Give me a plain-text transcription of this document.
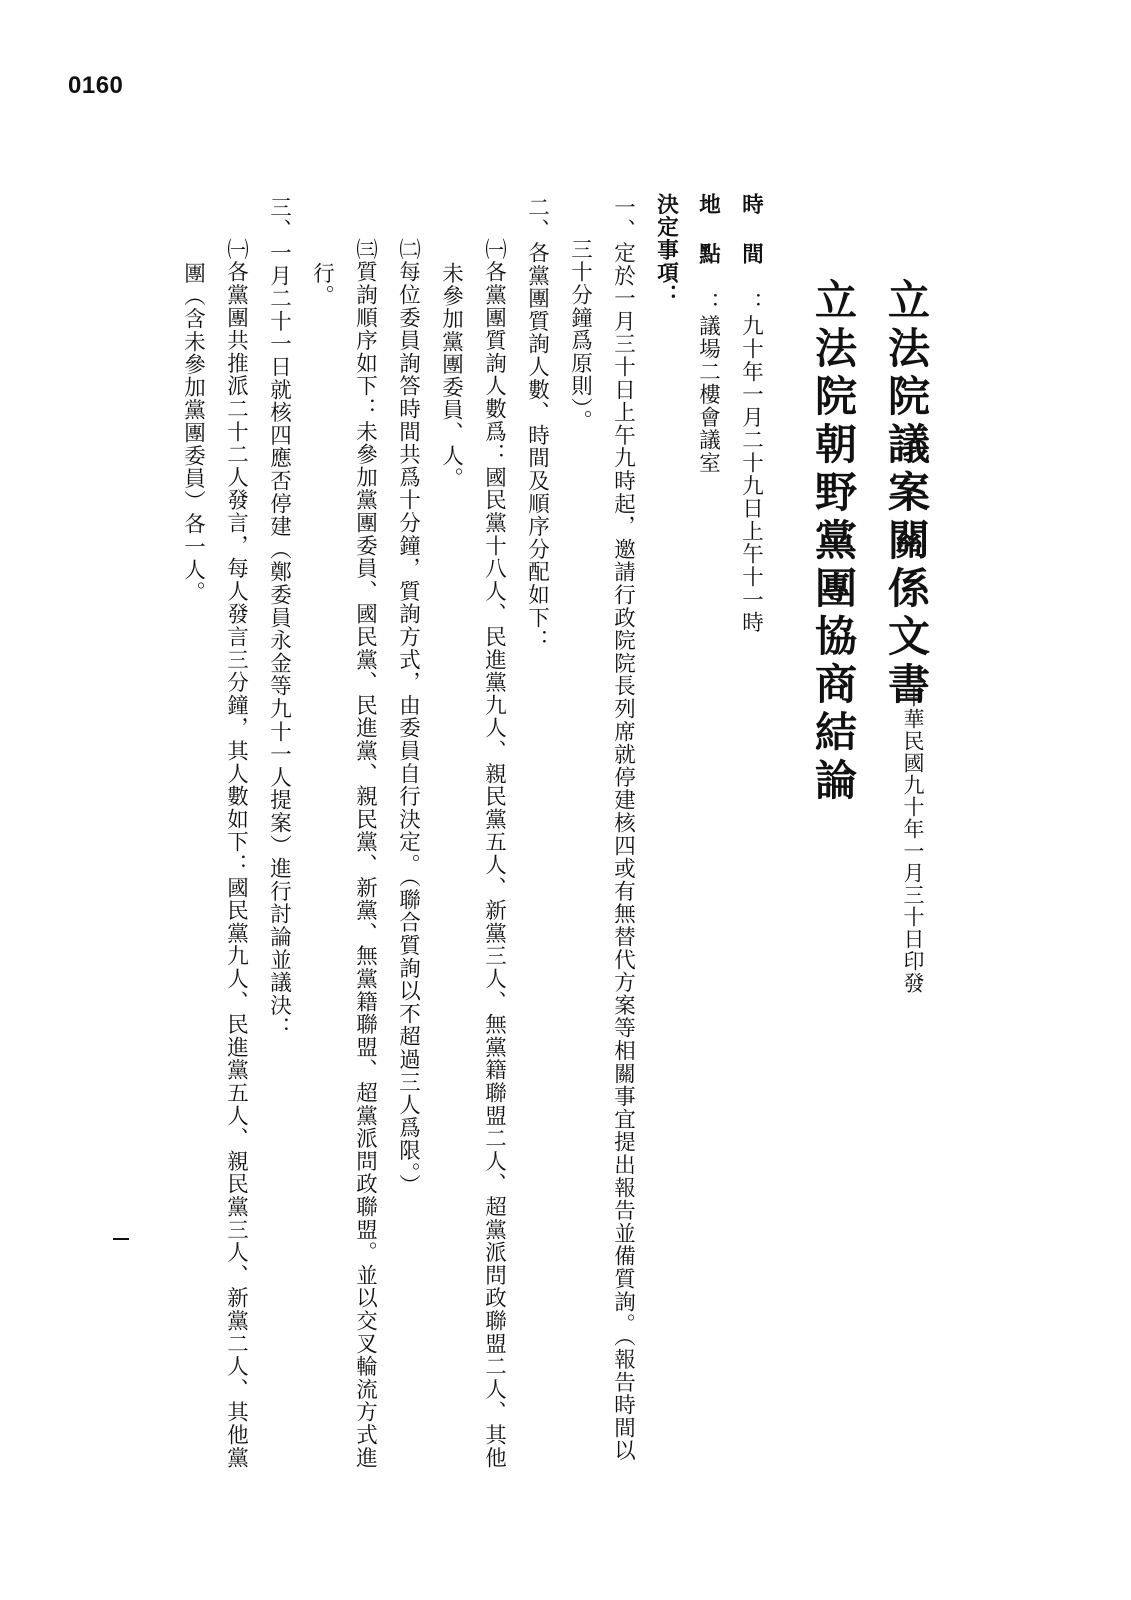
0160
立法院議案關係文書
立法院朝野黨團協商結論
中華民國九十年一月三十日印發
時間：九十年一月二十九日上午十一時
地點：議場二樓會議室
決定事項：
一、定於一月三十日上午九時起，邀請行政院院長列席就停建核四或有無替代方案等相關事宜提出報告並備質詢。（報告時間以
三十分鐘爲原則）。
二、各黨團質詢人數、時間及順序分配如下：
㈠各黨團質詢人數爲：國民黨十八人、民進黨九人、親民黨五人、新黨三人、無黨籍聯盟二人、超黨派問政聯盟二人、其他
未參加黨團委員、人。
㈡每位委員詢答時間共爲十分鐘，質詢方式，由委員自行決定。（聯合質詢以不超過三人爲限。）
㈢質詢順序如下：未參加黨團委員、國民黨、民進黨、親民黨、新黨、無黨籍聯盟、超黨派問政聯盟。並以交叉輪流方式進
行。
三、一月二十一日就核四應否停建（鄭委員永金等九十一人提案）進行討論並議決：
㈠各黨團共推派二十二人發言，每人發言三分鐘，其人數如下：國民黨九人、民進黨五人、親民黨三人、新黨二人、其他黨
團（含未參加黨團委員）各一人。
